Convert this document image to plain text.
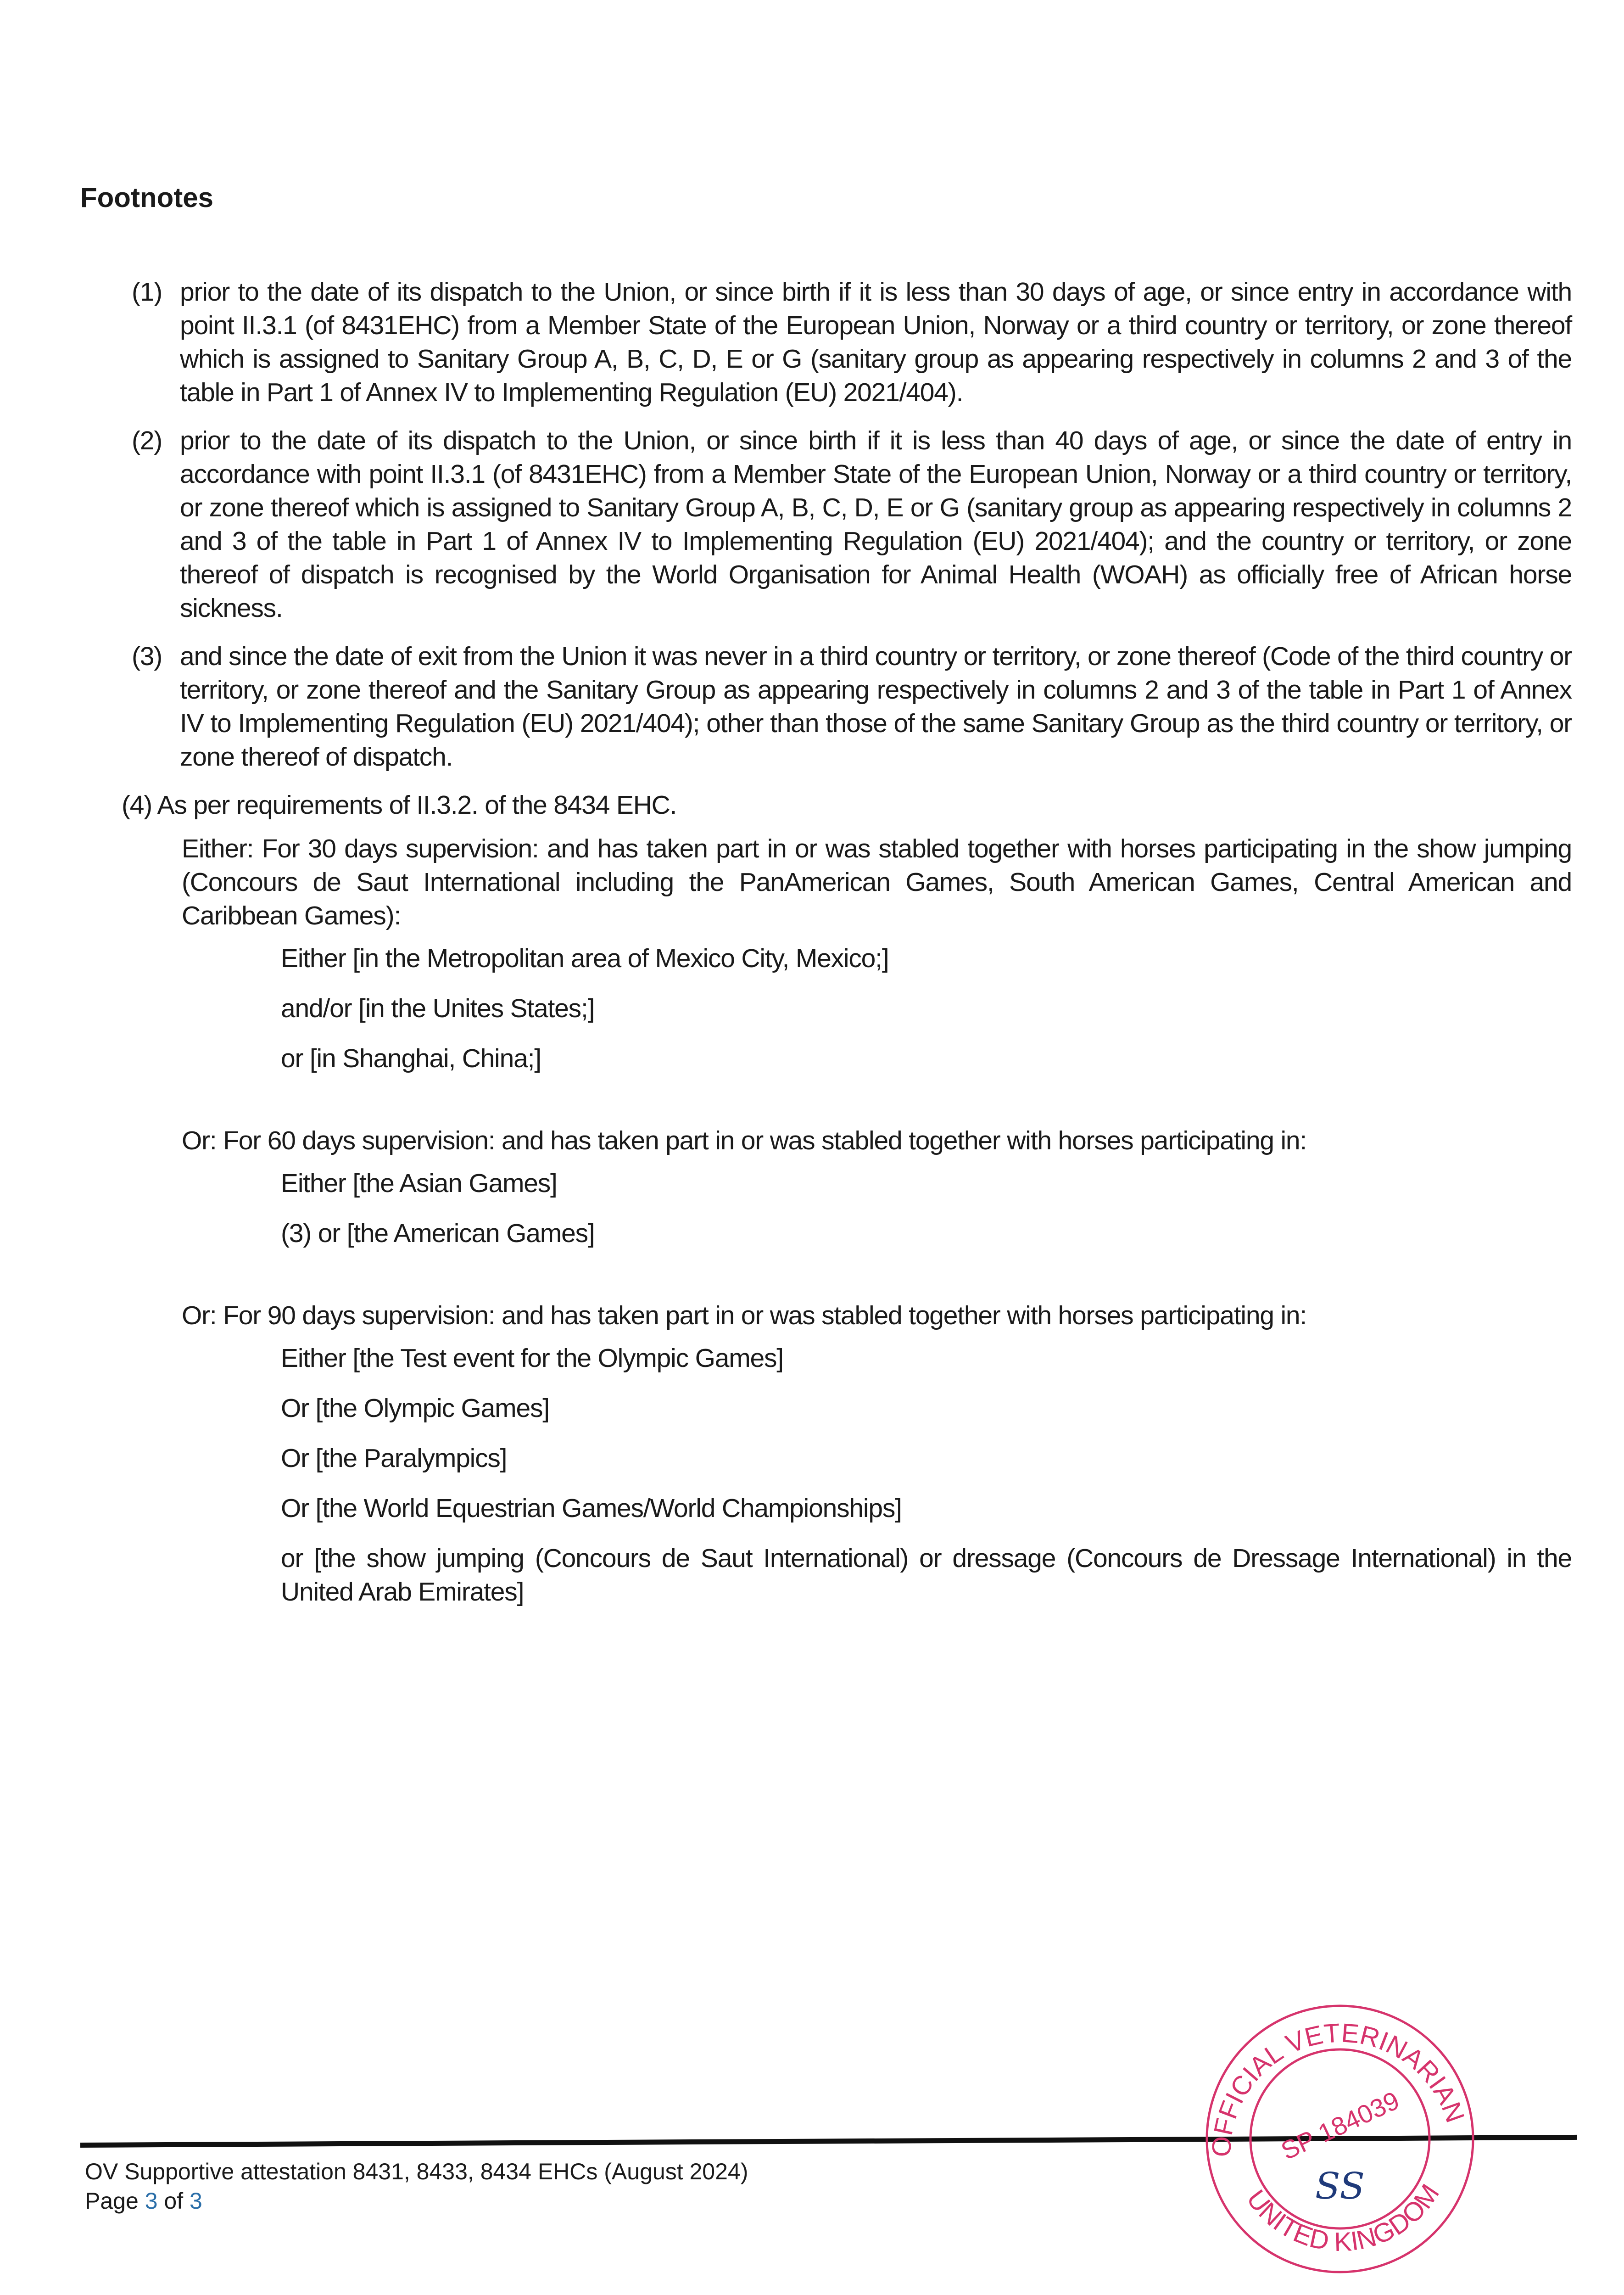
Footnotes
(1) prior to the date of its dispatch to the Union, or since birth if it is less than 30 days of age, or since entry in accordance with point II.3.1 (of 8431EHC) from a Member State of the European Union, Norway or a third country or territory, or zone thereof which is assigned to Sanitary Group A, B, C, D, E or G (sanitary group as appearing respectively in columns 2 and 3 of the table in Part 1 of Annex IV to Implementing Regulation (EU) 2021/404).
(2) prior to the date of its dispatch to the Union, or since birth if it is less than 40 days of age, or since the date of entry in accordance with point II.3.1 (of 8431EHC) from a Member State of the European Union, Norway or a third country or territory, or zone thereof which is assigned to Sanitary Group A, B, C, D, E or G (sanitary group as appearing respectively in columns 2 and 3 of the table in Part 1 of Annex IV to Implementing Regulation (EU) 2021/404); and the country or territory, or zone thereof of dispatch is recognised by the World Organisation for Animal Health (WOAH) as officially free of African horse sickness.
(3) and since the date of exit from the Union it was never in a third country or territory, or zone thereof (Code of the third country or territory, or zone thereof and the Sanitary Group as appearing respectively in columns 2 and 3 of the table in Part 1 of Annex IV to Implementing Regulation (EU) 2021/404); other than those of the same Sanitary Group as the third country or territory, or zone thereof of dispatch.
(4) As per requirements of II.3.2. of the 8434 EHC.
Either: For 30 days supervision: and has taken part in or was stabled together with horses participating in the show jumping (Concours de Saut International including the PanAmerican Games, South American Games, Central American and Caribbean Games):
Either [in the Metropolitan area of Mexico City, Mexico;]
and/or [in the Unites States;]
or [in Shanghai, China;]
Or: For 60 days supervision: and has taken part in or was stabled together with horses participating in:
Either [the Asian Games]
(3) or [the American Games]
Or: For 90 days supervision: and has taken part in or was stabled together with horses participating in:
Either [the Test event for the Olympic Games]
Or [the Olympic Games]
Or [the Paralympics]
Or [the World Equestrian Games/World Championships]
or [the show jumping (Concours de Saut International) or dressage (Concours de Dressage International) in the United Arab Emirates]
OV Supportive attestation 8431, 8433, 8434 EHCs (August 2024)
Page 3 of 3
OFFICIAL VETERINARIAN
UNITED KINGDOM
SP 184039
SS
